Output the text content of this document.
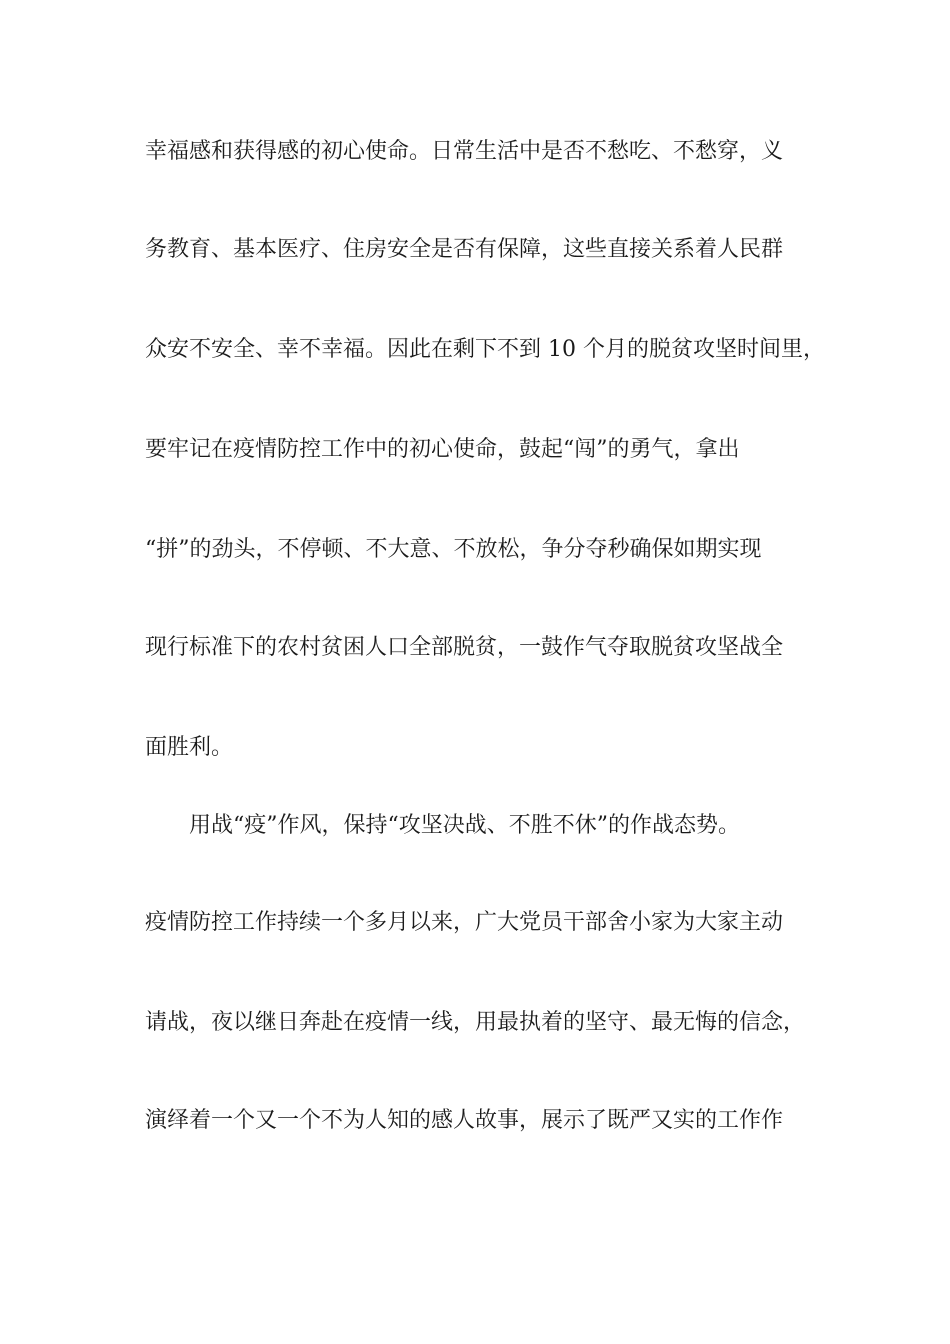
幸福感和获得感的初心使命。日常生活中是否不愁吃、不愁穿，义
务教育、基本医疗、住房安全是否有保障，这些直接关系着人民群
众安不安全、幸不幸福。因此在剩下不到 10 个月的脱贫攻坚时间里，
要牢记在疫情防控工作中的初心使命，鼓起“闯”的勇气，拿出
“拼”的劲头，不停顿、不大意、不放松，争分夺秒确保如期实现
现行标准下的农村贫困人口全部脱贫，一鼓作气夺取脱贫攻坚战全
面胜利。
用战“疫”作风，保持“攻坚决战、不胜不休”的作战态势。
疫情防控工作持续一个多月以来，广大党员干部舍小家为大家主动
请战，夜以继日奔赴在疫情一线，用最执着的坚守、最无悔的信念，
演绎着一个又一个不为人知的感人故事，展示了既严又实的工作作
